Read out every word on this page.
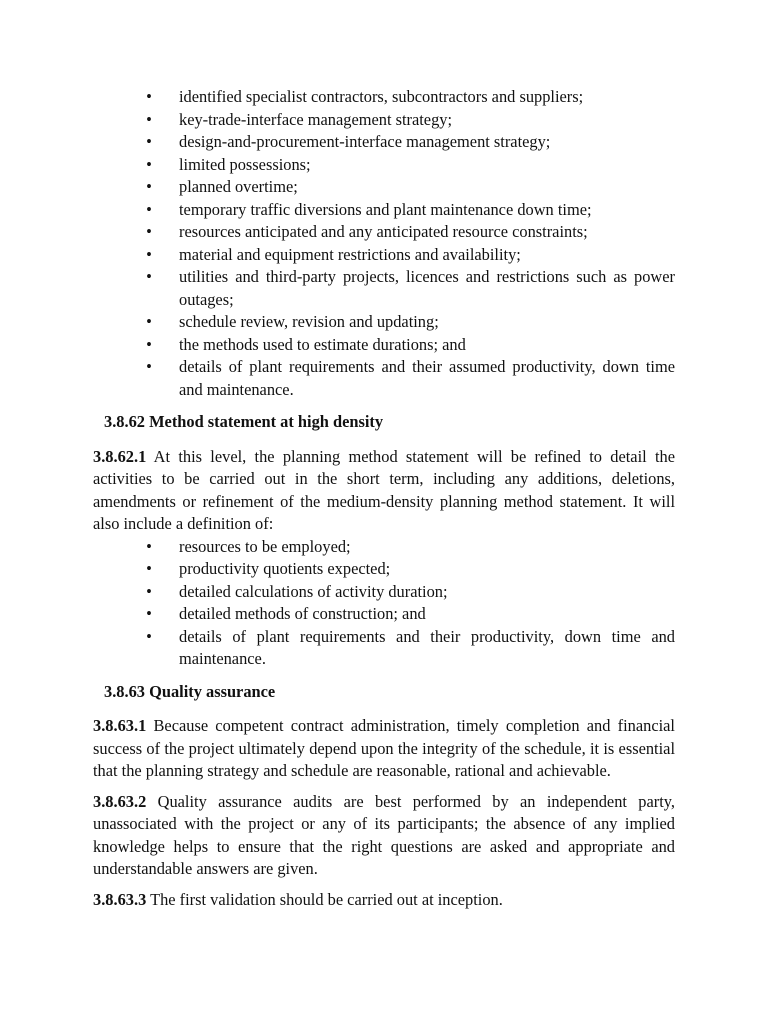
• identified specialist contractors, subcontractors and suppliers;
• key-trade-interface management strategy;
• design-and-procurement-interface management strategy;
• limited possessions;
• planned overtime;
• temporary traffic diversions and plant maintenance down time;
• resources anticipated and any anticipated resource constraints;
• material and equipment restrictions and availability;
• utilities and third-party projects, licences and restrictions such as power outages;
• schedule review, revision and updating;
• the methods used to estimate durations; and
• details of plant requirements and their assumed productivity, down time and maintenance.
3.8.62 Method statement at high density

3.8.62.1 At this level, the planning method statement will be refined to detail the activities to be carried out in the short term, including any additions, deletions, amendments or refinement of the medium-density planning method statement. It will also include a definition of:

• resources to be employed;
• productivity quotients expected;
• detailed calculations of activity duration;
• detailed methods of construction; and
• details of plant requirements and their productivity, down time and maintenance.
3.8.63 Quality assurance

3.8.63.1 Because competent contract administration, timely completion and financial success of the project ultimately depend upon the integrity of the schedule, it is essential that the planning strategy and schedule are reasonable, rational and achievable.

3.8.63.2 Quality assurance audits are best performed by an independent party, unassociated with the project or any of its participants; the absence of any implied knowledge helps to ensure that the right questions are asked and appropriate and understandable answers are given.

3.8.63.3 The first validation should be carried out at inception.
